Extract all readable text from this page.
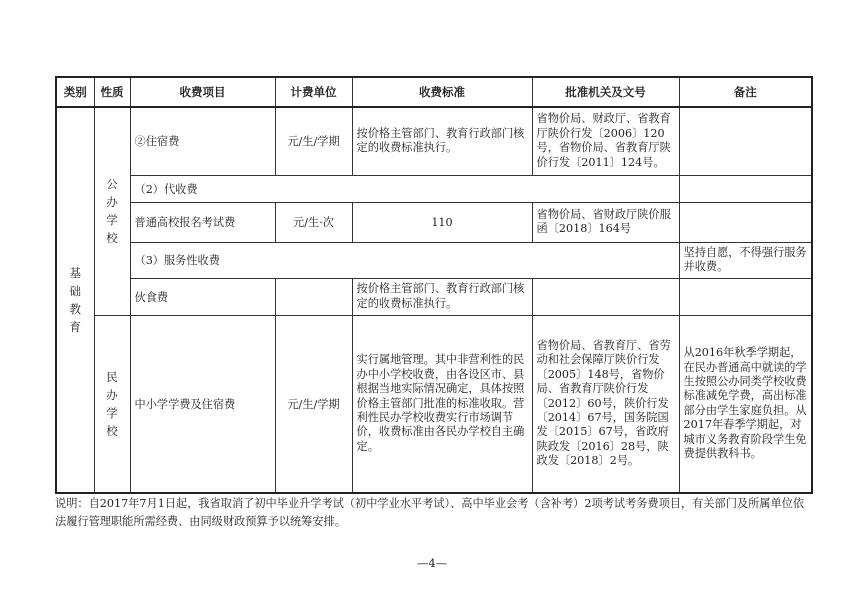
类别	性质	收费项目	计费单位	收费标准	批准机关及文号	备注
基础教育	公办学校	②住宿费	元/生/学期	按价格主管部门、教育行政部门核定的收费标准执行。	省物价局、财政厅、省教育厅陕价行发〔2006〕120号，省物价局、省教育厅陕价行发〔2011〕124号。	
		（2）代收费				
		普通高校报名考试费	元/生·次	110	省物价局、省财政厅陕价服函〔2018〕164号	
		（3）服务性收费				坚持自愿，不得强行服务并收费。
		伙食费		按价格主管部门、教育行政部门核定的收费标准执行。		
	民办学校	中小学学费及住宿费	元/生/学期	实行属地管理。其中非营利性的民办中小学校收费，由各设区市、县根据当地实际情况确定，具体按照价格主管部门批准的标准收取。营利性民办学校收费实行市场调节价，收费标准由各民办学校自主确定。	省物价局、省教育厅、省劳动和社会保障厅陕价行发〔2005〕148号，省物价局、省教育厅陕价行发〔2012〕60号，陕价行发〔2014〕67号，国务院国发〔2015〕67号，省政府陕政发〔2016〕28号，陕政发〔2018〕2号。	从2016年秋季学期起，在民办普通高中就读的学生按照公办同类学校收费标准减免学费，高出标准部分由学生家庭负担。从2017年春季学期起，对城市义务教育阶段学生免费提供教科书。
说明：自2017年7月1日起，我省取消了初中毕业升学考试（初中学业水平考试）、高中毕业会考（含补考）2项考试考务费项目，有关部门及所属单位依法履行管理职能所需经费、由同级财政预算予以统筹安排。
—4—
